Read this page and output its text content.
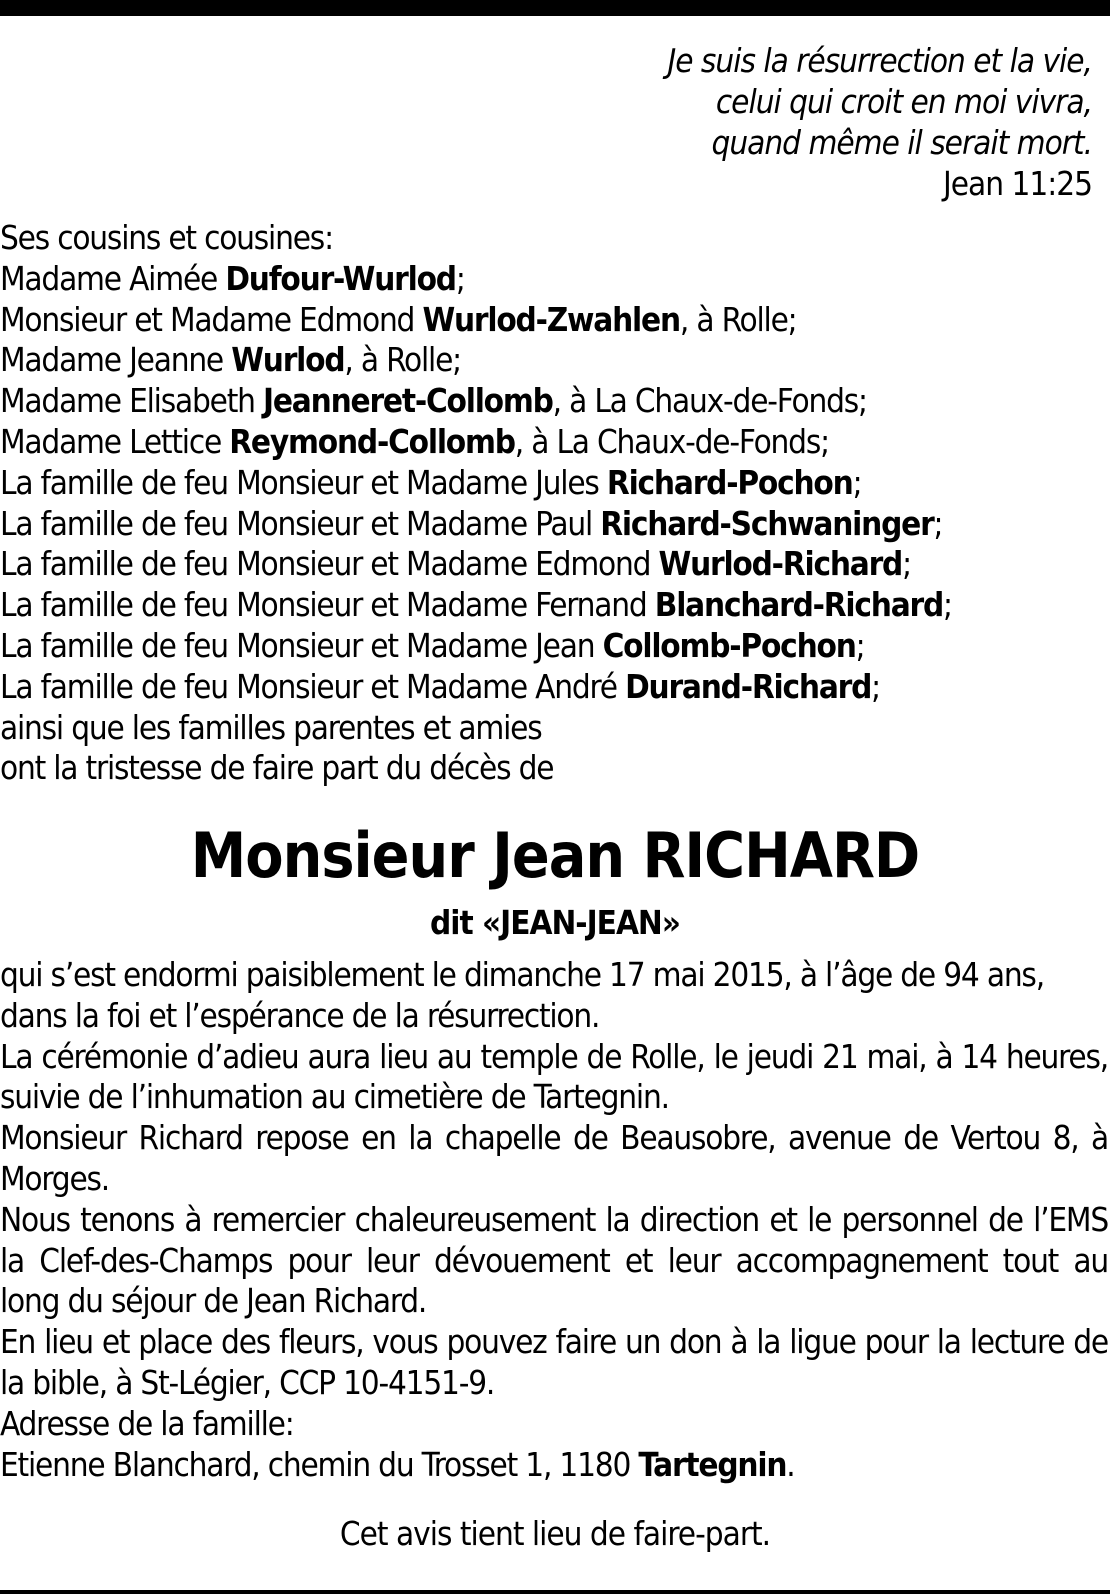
Je suis la résurrection et la vie,
celui qui croit en moi vivra,
quand même il serait mort.
Jean 11:25
Ses cousins et cousines:
Madame Aimée Dufour-Wurlod;
Monsieur et Madame Edmond Wurlod-Zwahlen, à Rolle;
Madame Jeanne Wurlod, à Rolle;
Madame Elisabeth Jeanneret-Collomb, à La Chaux-de-Fonds;
Madame Lettice Reymond-Collomb, à La Chaux-de-Fonds;
La famille de feu Monsieur et Madame Jules Richard-Pochon;
La famille de feu Monsieur et Madame Paul Richard-Schwaninger;
La famille de feu Monsieur et Madame Edmond Wurlod-Richard;
La famille de feu Monsieur et Madame Fernand Blanchard-Richard;
La famille de feu Monsieur et Madame Jean Collomb-Pochon;
La famille de feu Monsieur et Madame André Durand-Richard;
ainsi que les familles parentes et amies
ont la tristesse de faire part du décès de
Monsieur Jean RICHARD
dit «JEAN-JEAN»
qui s’est endormi paisiblement le dimanche 17 mai 2015, à l’âge de 94 ans,
dans la foi et l’espérance de la résurrection.
La cérémonie d’adieu aura lieu au temple de Rolle, le jeudi 21 mai, à 14 heures, suivie de l’inhumation au cimetière de Tartegnin.
Monsieur Richard repose en la chapelle de Beausobre, avenue de Vertou 8, à Morges.
Nous tenons à remercier chaleureusement la direction et le personnel de l’EMS la Clef-des-Champs pour leur dévouement et leur accompagnement tout au long du séjour de Jean Richard.
En lieu et place des fleurs, vous pouvez faire un don à la ligue pour la lecture de la bible, à St-Légier, CCP 10-4151-9.
Adresse de la famille:
Etienne Blanchard, chemin du Trosset 1, 1180 Tartegnin.
Cet avis tient lieu de faire-part.
